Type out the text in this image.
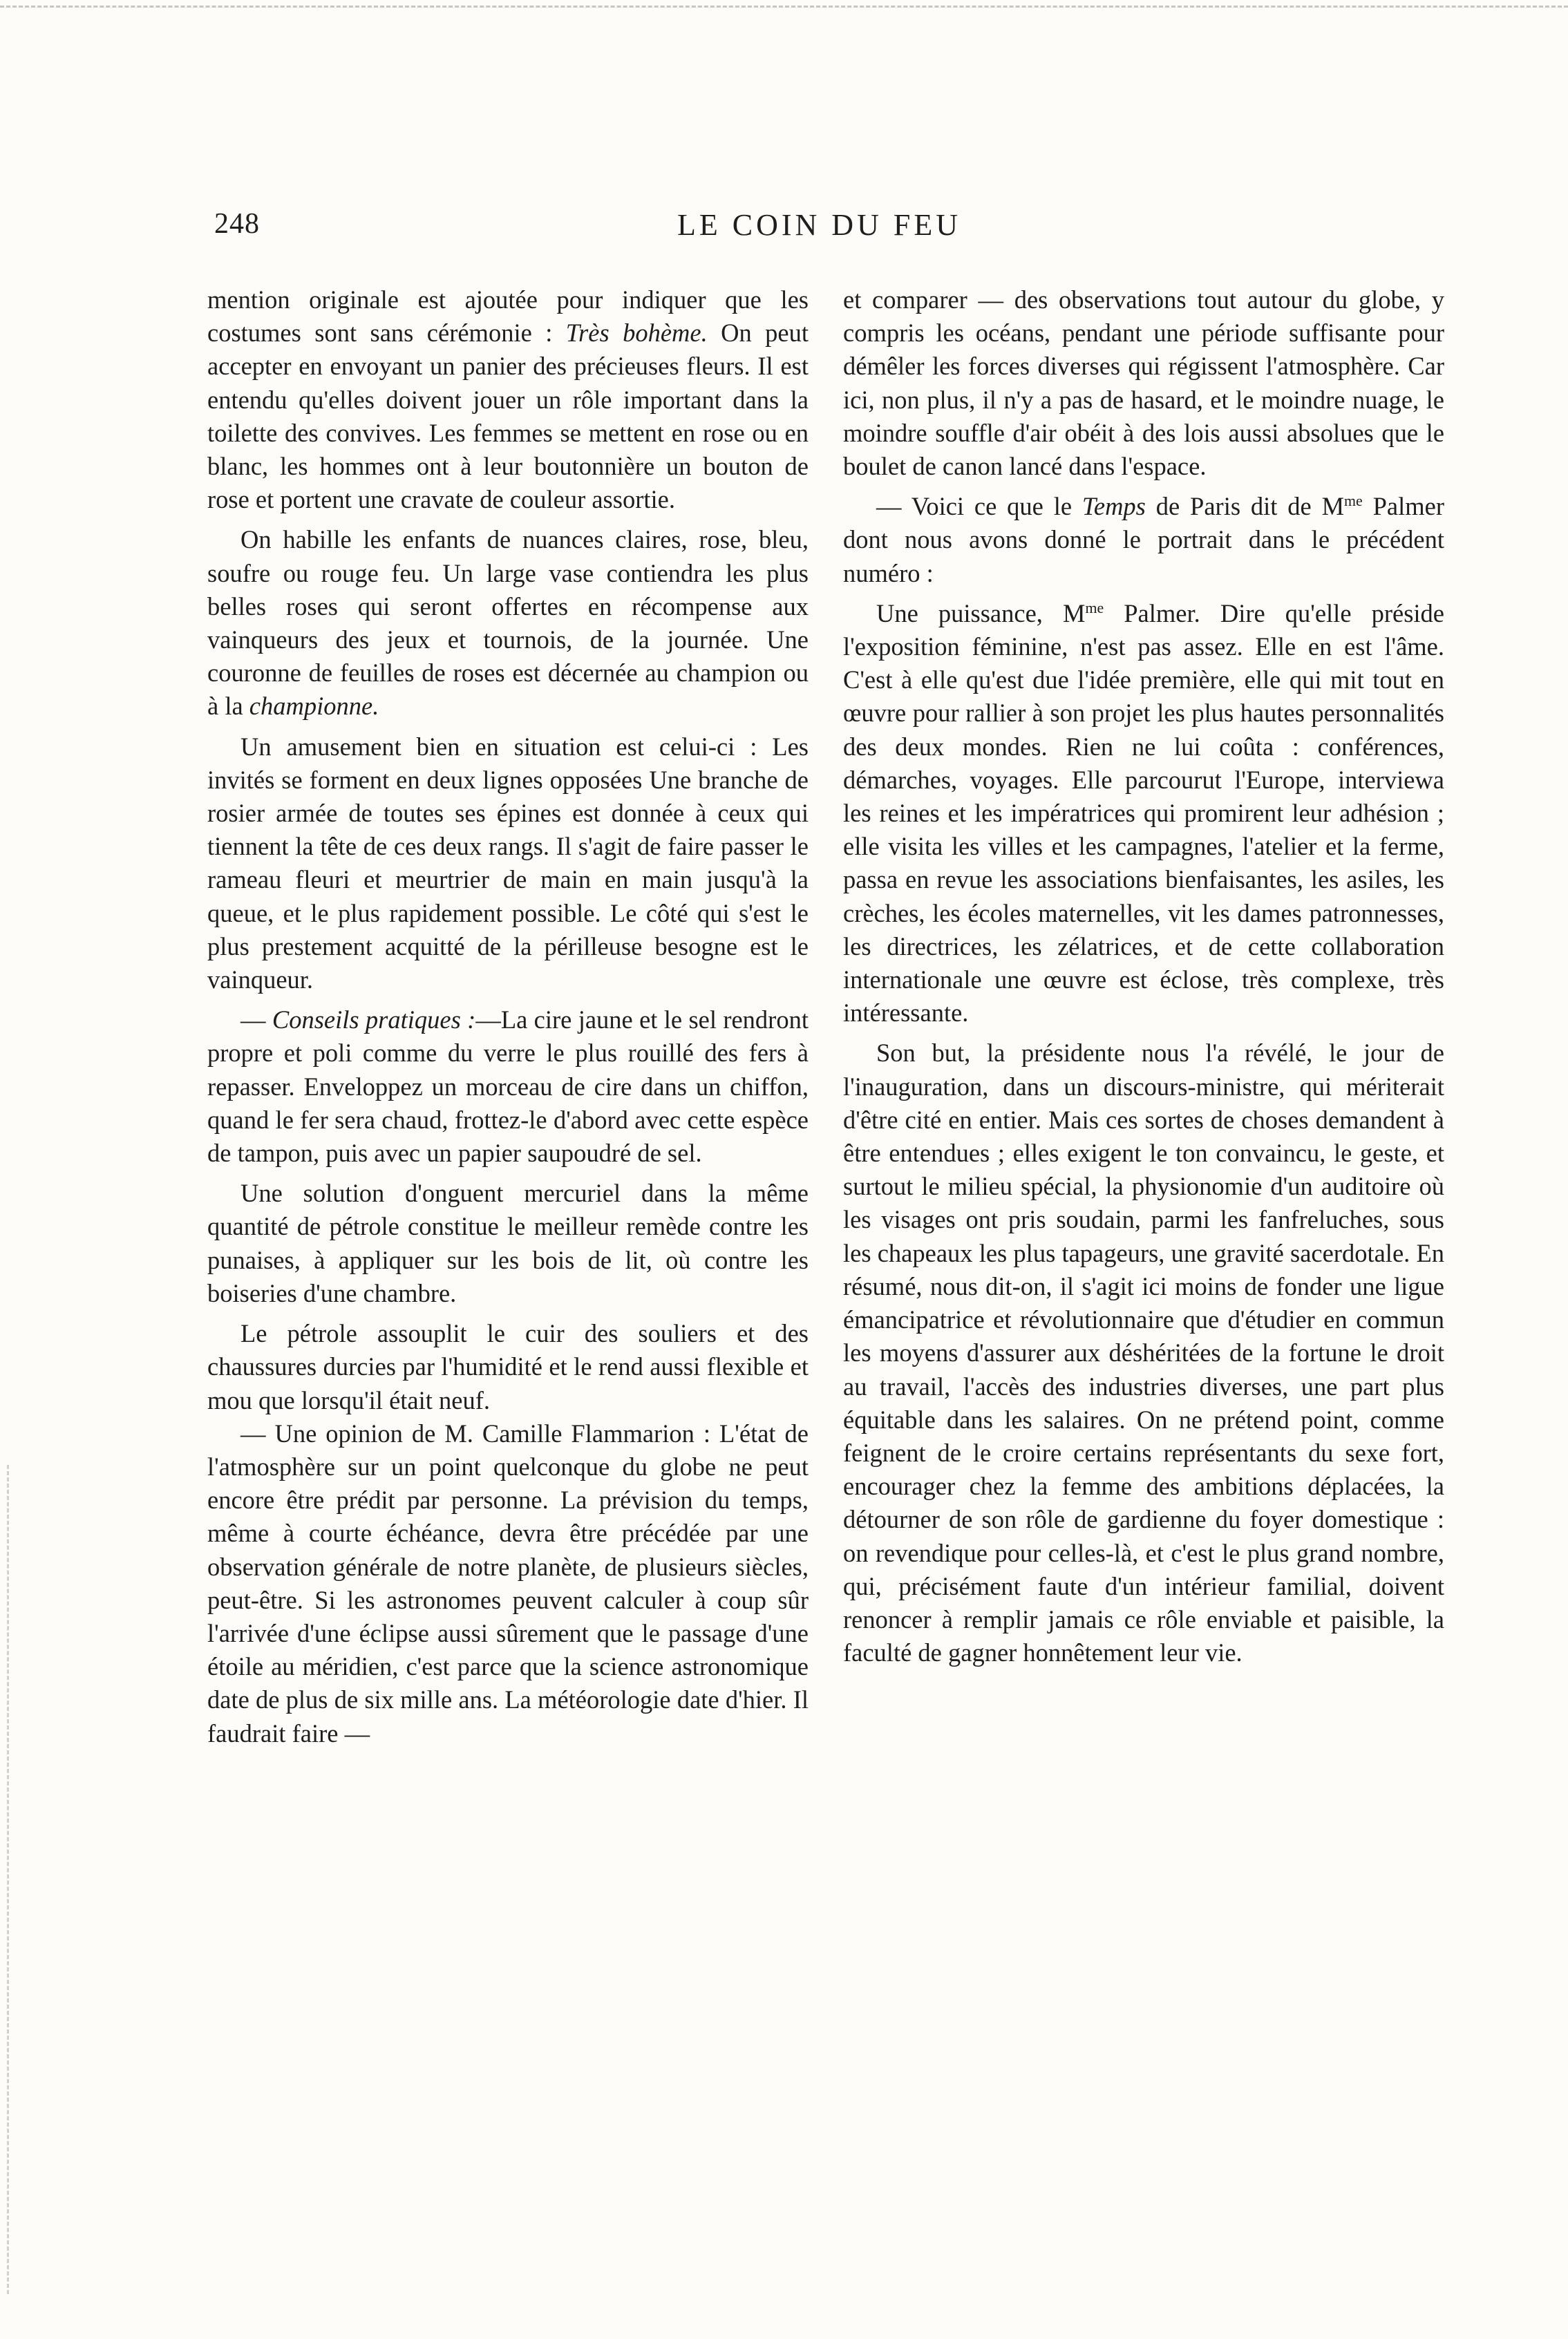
248	LE COIN DU FEU

mention originale est ajoutée pour indiquer que les costumes sont sans cérémonie : Très bohème. On peut accepter en envoyant un panier des précieuses fleurs. Il est entendu qu'elles doivent jouer un rôle important dans la toilette des convives. Les femmes se mettent en rose ou en blanc, les hommes ont à leur boutonnière un bouton de rose et portent une cravate de couleur assortie.

On habille les enfants de nuances claires, rose, bleu, soufre ou rouge feu. Un large vase contiendra les plus belles roses qui seront offertes en récompense aux vainqueurs des jeux et tournois, de la journée. Une couronne de feuilles de roses est décernée au champion ou à la championne.

Un amusement bien en situation est celui-ci : Les invités se forment en deux lignes opposées Une branche de rosier armée de toutes ses épines est donnée à ceux qui tiennent la tête de ces deux rangs. Il s'agit de faire passer le rameau fleuri et meurtrier de main en main jusqu'à la queue, et le plus rapidement possible. Le côté qui s'est le plus prestement acquitté de la périlleuse besogne est le vainqueur.

— Conseils pratiques :—La cire jaune et le sel rendront propre et poli comme du verre le plus rouillé des fers à repasser. Enveloppez un morceau de cire dans un chiffon, quand le fer sera chaud, frottez-le d'abord avec cette espèce de tampon, puis avec un papier saupoudré de sel.

Une solution d'onguent mercuriel dans la même quantité de pétrole constitue le meilleur remède contre les punaises, à appliquer sur les bois de lit, où contre les boiseries d'une chambre.

Le pétrole assouplit le cuir des souliers et des chaussures durcies par l'humidité et le rend aussi flexible et mou que lorsqu'il était neuf.

— Une opinion de M. Camille Flammarion : L'état de l'atmosphère sur un point quelconque du globe ne peut encore être prédit par personne. La prévision du temps, même à courte échéance, devra être précédée par une observation générale de notre planète, de plusieurs siècles, peut-être. Si les astronomes peuvent calculer à coup sûr l'arrivée d'une éclipse aussi sûrement que le passage d'une étoile au méridien, c'est parce que la science astronomique date de plus de six mille ans. La météorologie date d'hier. Il faudrait faire —

et comparer — des observations tout autour du globe, y compris les océans, pendant une période suffisante pour démêler les forces diverses qui régissent l'atmosphère. Car ici, non plus, il n'y a pas de hasard, et le moindre nuage, le moindre souffle d'air obéit à des lois aussi absolues que le boulet de canon lancé dans l'espace.

— Voici ce que le Temps de Paris dit de $M^{me}$ Palmer dont nous avons donné le portrait dans le précédent numéro :

Une puissance, $M^{me}$ Palmer. Dire qu'elle préside l'exposition féminine, n'est pas assez. Elle en est l'âme. C'est à elle qu'est due l'idée première, elle qui mit tout en œuvre pour rallier à son projet les plus hautes personnalités des deux mondes. Rien ne lui coûta : conférences, démarches, voyages. Elle parcourut l'Europe, interviewa les reines et les impératrices qui promirent leur adhésion ; elle visita les villes et les campagnes, l'atelier et la ferme, passa en revue les associations bienfaisantes, les asiles, les crèches, les écoles maternelles, vit les dames patronnesses, les directrices, les zélatrices, et de cette collaboration internationale une œuvre est éclose, très complexe, très intéressante.

Son but, la présidente nous l'a révélé, le jour de l'inauguration, dans un discours-ministre, qui mériterait d'être cité en entier. Mais ces sortes de choses demandent à être entendues ; elles exigent le ton convaincu, le geste, et surtout le milieu spécial, la physionomie d'un auditoire où les visages ont pris soudain, parmi les fanfreluches, sous les chapeaux les plus tapageurs, une gravité sacerdotale. En résumé, nous dit-on, il s'agit ici moins de fonder une ligue émancipatrice et révolutionnaire que d'étudier en commun les moyens d'assurer aux déshéritées de la fortune le droit au travail, l'accès des industries diverses, une part plus équitable dans les salaires. On ne prétend point, comme feignent de le croire certains représentants du sexe fort, encourager chez la femme des ambitions déplacées, la détourner de son rôle de gardienne du foyer domestique : on revendique pour celles-là, et c'est le plus grand nombre, qui, précisément faute d'un intérieur familial, doivent renoncer à remplir jamais ce rôle enviable et paisible, la faculté de gagner honnêtement leur vie.
